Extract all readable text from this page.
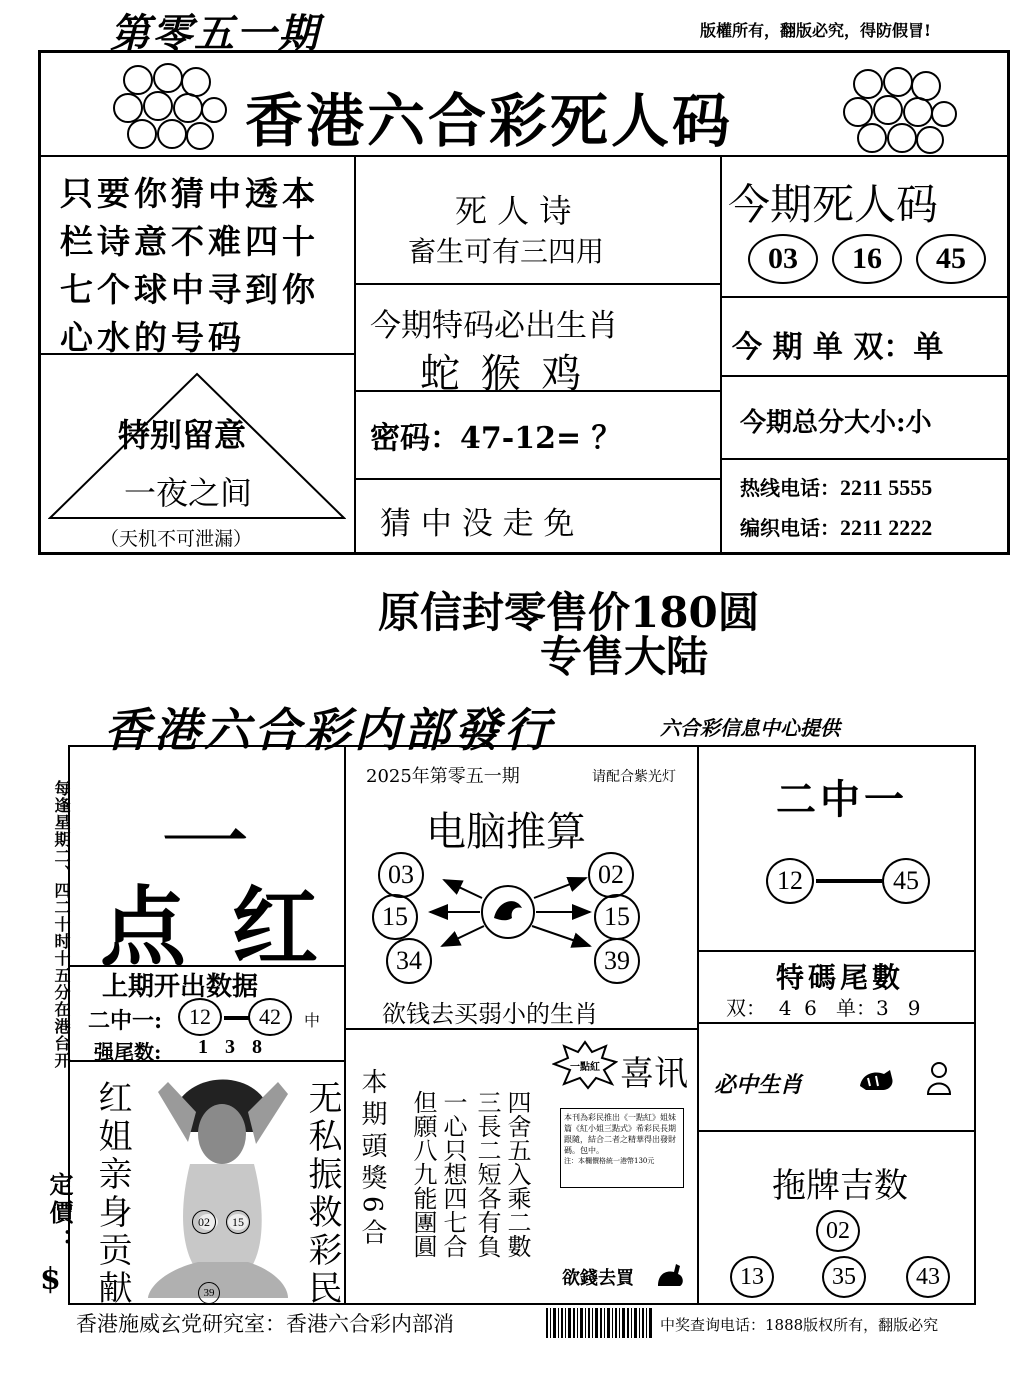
第零五一期	版權所有，翻版必究，得防假冒!
香港六合彩死人码
只要你猜中透本
栏诗意不难四十
七个球中寻到你
心水的号码
特别留意
一夜之间
（天机不可泄漏）
死 人 诗
畜生可有三四用
今期特码必出生肖
蛇 猴 鸡
密码：47-12= ？
猜 中 没 走 免
今期死人码
03	16	45
今 期 单 双：单
今期总分大小:小
热线电话：2211 5555
编织电话：2211 2222
原信封零售价180圆
专售大陆
香港六合彩内部發行	六合彩信息中心提供
每逢星期二、四二十时十五分在港台开
定價：
$
一
点 红
上期开出数据
二中一:	12	42	中
强尾数: 1 3 8
红姐亲身贡献	无私振救彩民
02	15
39
2025年第零五一期	请配合紫光灯
电脑推算
03
15
34
02
15
39
欲钱去买弱小的生肖
本期頭獎6合 但願八九能團圓 一心只想四七合 三長二短各有負 四舍五入乘二數
一點紅 喜讯
本刊為彩民推出《一點紅》姐妹篇《紅小姐三點式》希彩民長期跟隨，結合二者之精華得出發財碼。包中。
注：本欄價格統一港幣130元
欲錢去買
二中一
12	45
特碼尾數
双：  4  6   单：3   9
必中生肖
拖牌吉数
02
13	35	43
香港施威玄党研究室：香港六合彩内部消	中奖查询电话：1888版权所有，翻版必究
